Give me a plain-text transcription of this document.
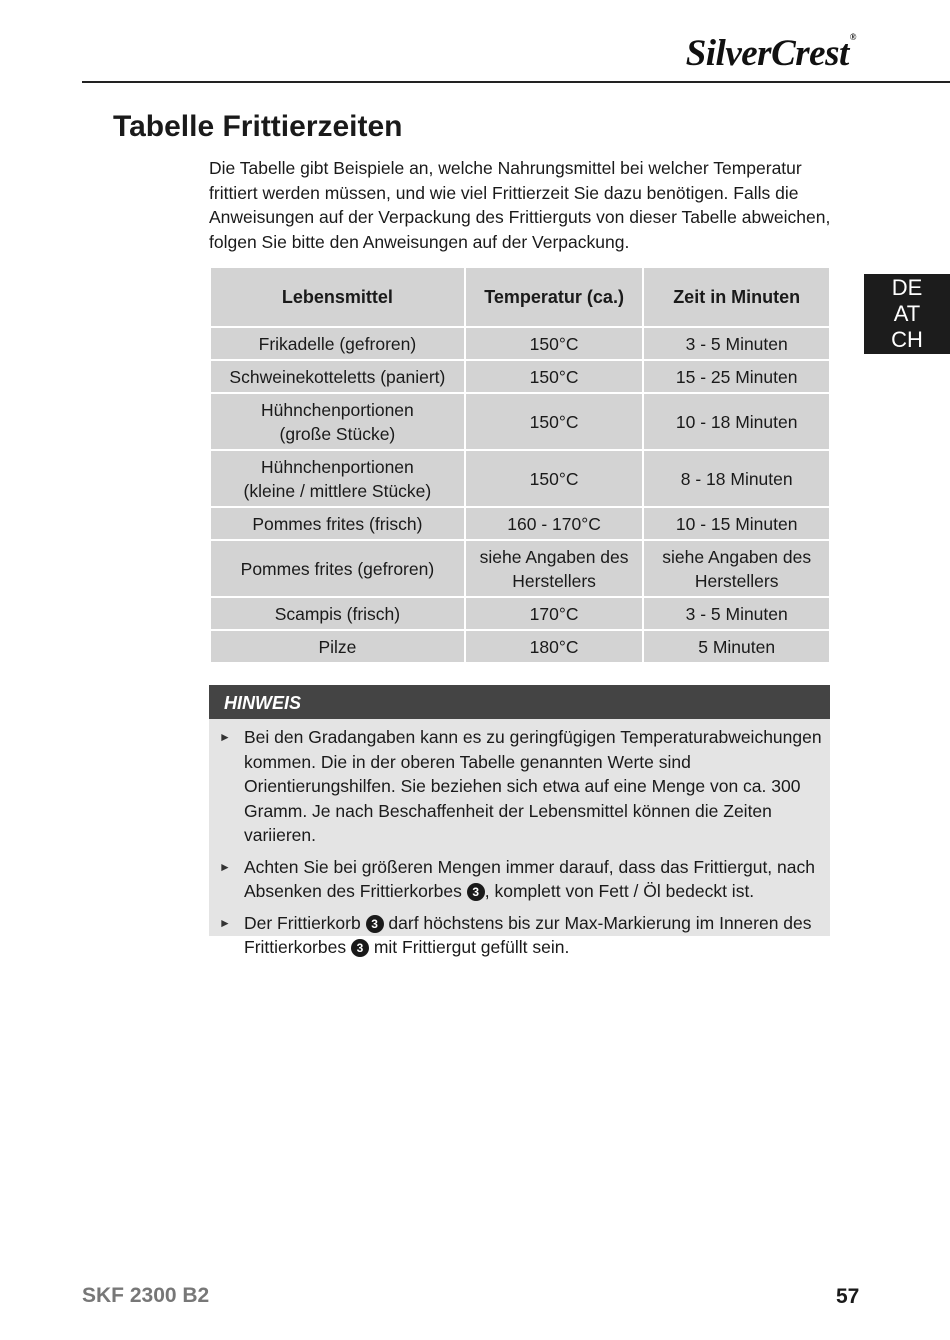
SilverCrest®
DE
AT
CH
Tabelle Frittierzeiten

Die Tabelle gibt Beispiele an, welche Nahrungsmittel bei welcher Temperatur frittiert werden müssen, und wie viel Frittierzeit Sie dazu benötigen. Falls die Anweisungen auf der Verpackung des Frittierguts von dieser Tabelle abweichen, folgen Sie bitte den Anweisungen auf der Verpackung.

Lebensmittel	Temperatur (ca.)	Zeit in Minuten
Frikadelle (gefroren)	150°C	3 - 5 Minuten
Schweinekotteletts (paniert)	150°C	15 - 25 Minuten
Hühnchenportionen
(große Stücke)	150°C	10 - 18 Minuten
Hühnchenportionen
(kleine / mittlere Stücke)	150°C	8 - 18 Minuten
Pommes frites (frisch)	160 - 170°C	10 - 15 Minuten
Pommes frites (gefroren)	siehe Angaben des Herstellers	siehe Angaben des Herstellers
Scampis (frisch)	170°C	3 - 5 Minuten
Pilze	180°C	5 Minuten
HINWEIS
► Bei den Gradangaben kann es zu geringfügigen Temperaturabweichungen kommen. Die in der oberen Tabelle genannten Werte sind Orientierungshilfen. Sie beziehen sich etwa auf eine Menge von ca. 300 Gramm. Je nach Beschaffenheit der Lebensmittel können die Zeiten variieren.
► Achten Sie bei größeren Mengen immer darauf, dass das Frittiergut, nach Absenken des Frittierkorbes 3 , komplett von Fett / Öl bedeckt ist.
► Der Frittierkorb 3 darf höchstens bis zur Max-Markierung im Inneren des Frittierkorbes 3 mit Frittiergut gefüllt sein.
SKF 2300 B2	57
